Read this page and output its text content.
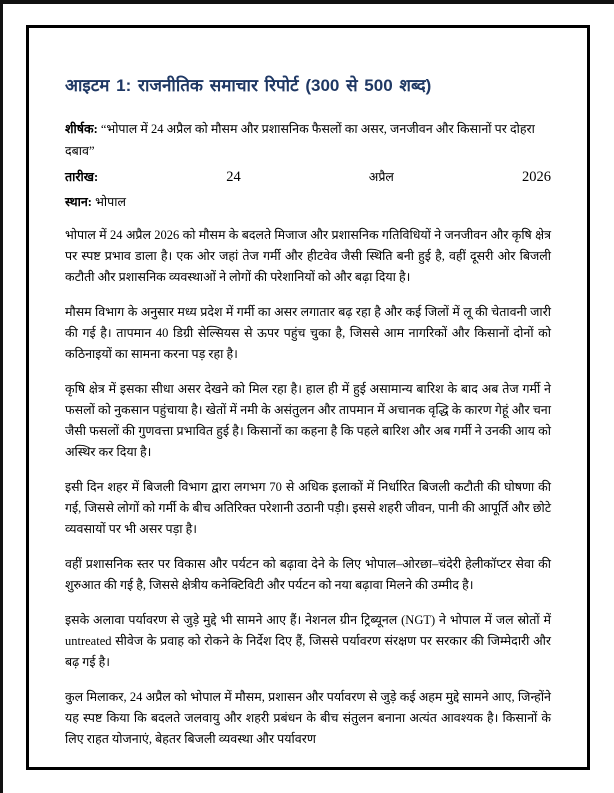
आइटम 1: राजनीतिक समाचार रिपोर्ट (300 से 500 शब्द)
शीर्षक: “भोपाल में 24 अप्रैल को मौसम और प्रशासनिक फैसलों का असर, जनजीवन और किसानों पर दोहरा दबाव”
तारीख:	24	अप्रैल	2026
स्थान: भोपाल

भोपाल में 24 अप्रैल 2026 को मौसम के बदलते मिजाज और प्रशासनिक गतिविधियों ने जनजीवन और कृषि क्षेत्र पर स्पष्ट प्रभाव डाला है। एक ओर जहां तेज गर्मी और हीटवेव जैसी स्थिति बनी हुई है, वहीं दूसरी ओर बिजली कटौती और प्रशासनिक व्यवस्थाओं ने लोगों की परेशानियों को और बढ़ा दिया है।

मौसम विभाग के अनुसार मध्य प्रदेश में गर्मी का असर लगातार बढ़ रहा है और कई जिलों में लू की चेतावनी जारी की गई है। तापमान 40 डिग्री सेल्सियस से ऊपर पहुंच चुका है, जिससे आम नागरिकों और किसानों दोनों को कठिनाइयों का सामना करना पड़ रहा है।

कृषि क्षेत्र में इसका सीधा असर देखने को मिल रहा है। हाल ही में हुई असामान्य बारिश के बाद अब तेज गर्मी ने फसलों को नुकसान पहुंचाया है। खेतों में नमी के असंतुलन और तापमान में अचानक वृद्धि के कारण गेहूं और चना जैसी फसलों की गुणवत्ता प्रभावित हुई है। किसानों का कहना है कि पहले बारिश और अब गर्मी ने उनकी आय को अस्थिर कर दिया है।

इसी दिन शहर में बिजली विभाग द्वारा लगभग 70 से अधिक इलाकों में निर्धारित बिजली कटौती की घोषणा की गई, जिससे लोगों को गर्मी के बीच अतिरिक्त परेशानी उठानी पड़ी। इससे शहरी जीवन, पानी की आपूर्ति और छोटे व्यवसायों पर भी असर पड़ा है।

वहीं प्रशासनिक स्तर पर विकास और पर्यटन को बढ़ावा देने के लिए भोपाल–ओरछा–चंदेरी हेलीकॉप्टर सेवा की शुरुआत की गई है, जिससे क्षेत्रीय कनेक्टिविटी और पर्यटन को नया बढ़ावा मिलने की उम्मीद है।

इसके अलावा पर्यावरण से जुड़े मुद्दे भी सामने आए हैं। नेशनल ग्रीन ट्रिब्यूनल (NGT) ने भोपाल में जल स्रोतों में untreated सीवेज के प्रवाह को रोकने के निर्देश दिए हैं, जिससे पर्यावरण संरक्षण पर सरकार की जिम्मेदारी और बढ़ गई है।

कुल मिलाकर, 24 अप्रैल को भोपाल में मौसम, प्रशासन और पर्यावरण से जुड़े कई अहम मुद्दे सामने आए, जिन्होंने यह स्पष्ट किया कि बदलते जलवायु और शहरी प्रबंधन के बीच संतुलन बनाना अत्यंत आवश्यक है। किसानों के लिए राहत योजनाएं, बेहतर बिजली व्यवस्था और पर्यावरण
